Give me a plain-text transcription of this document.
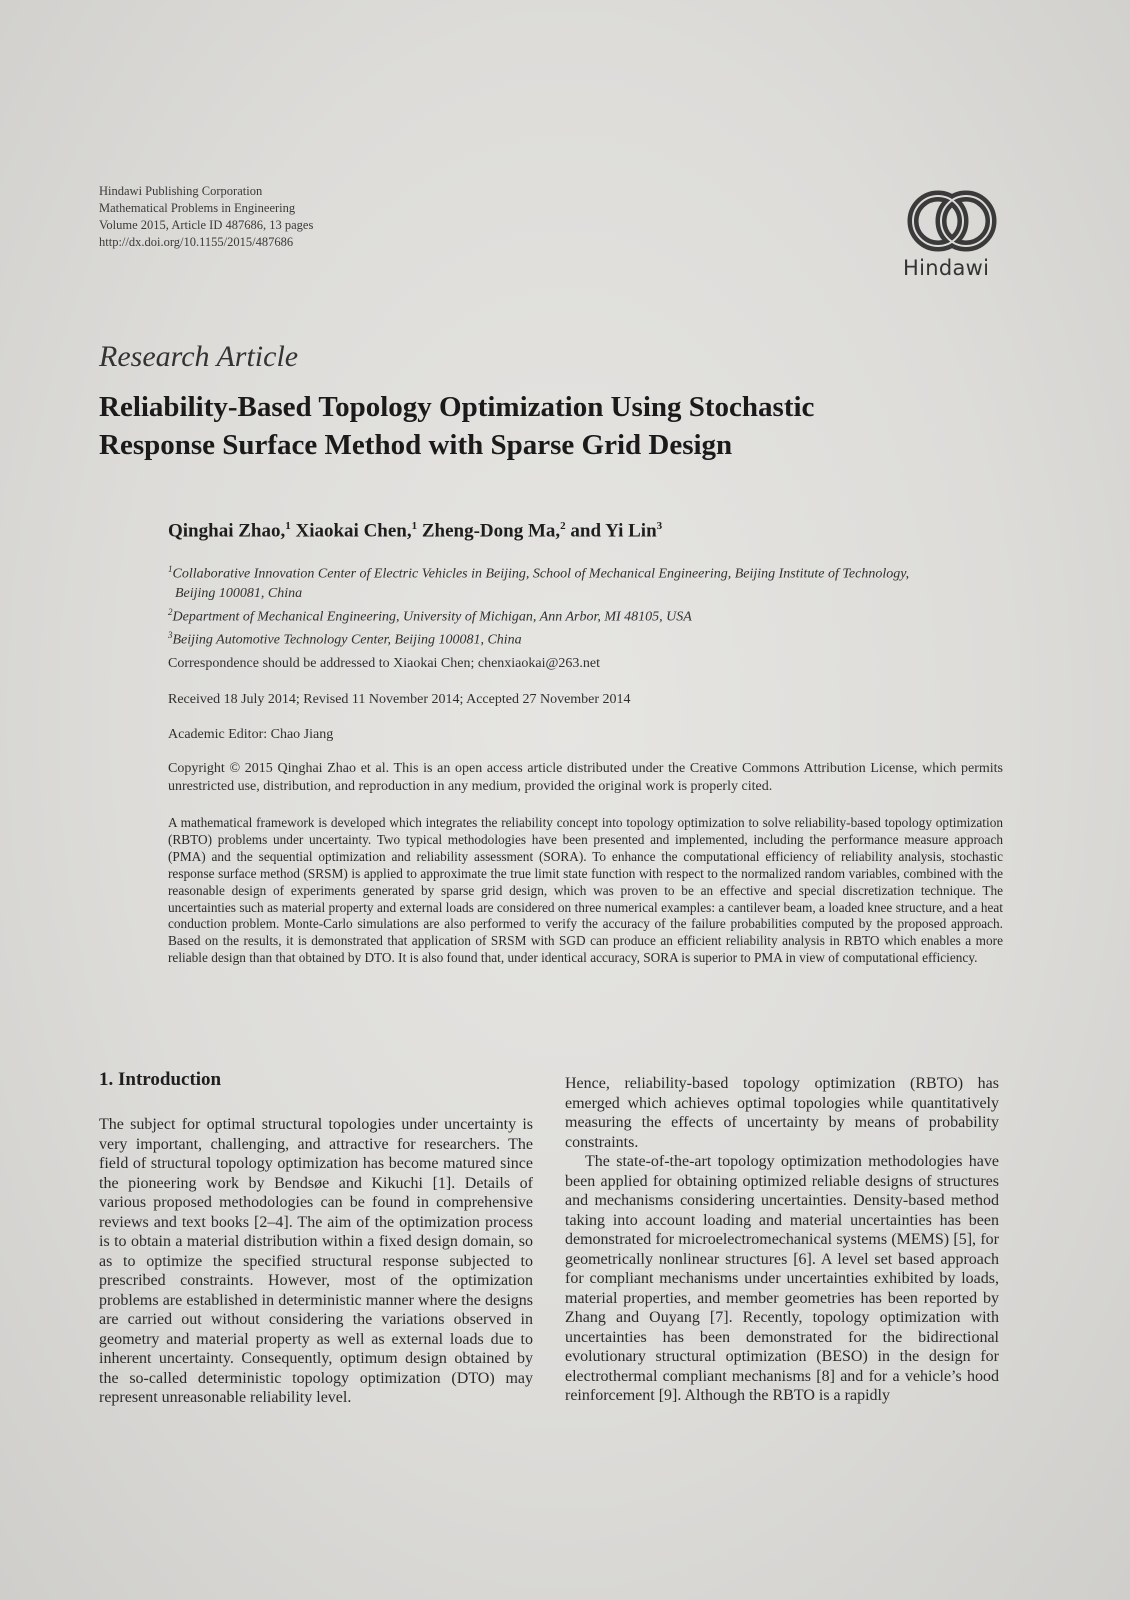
Hindawi Publishing Corporation
Mathematical Problems in Engineering
Volume 2015, Article ID 487686, 13 pages
http://dx.doi.org/10.1155/2015/487686
Hindawi
Research Article
Reliability-Based Topology Optimization Using Stochastic
Response Surface Method with Sparse Grid Design
Qinghai Zhao,$^1$ Xiaokai Chen,$^1$ Zheng-Dong Ma,$^2$ and Yi Lin$^3$
$^1$Collaborative Innovation Center of Electric Vehicles in Beijing, School of Mechanical Engineering, Beijing Institute of Technology,
Beijing 100081, China
$^2$Department of Mechanical Engineering, University of Michigan, Ann Arbor, MI 48105, USA
$^3$Beijing Automotive Technology Center, Beijing 100081, China
Correspondence should be addressed to Xiaokai Chen; chenxiaokai@263.net
Received 18 July 2014; Revised 11 November 2014; Accepted 27 November 2014
Academic Editor: Chao Jiang
Copyright © 2015 Qinghai Zhao et al. This is an open access article distributed under the Creative Commons Attribution License, which permits unrestricted use, distribution, and reproduction in any medium, provided the original work is properly cited.
A mathematical framework is developed which integrates the reliability concept into topology optimization to solve reliability-based topology optimization (RBTO) problems under uncertainty. Two typical methodologies have been presented and implemented, including the performance measure approach (PMA) and the sequential optimization and reliability assessment (SORA). To enhance the computational efficiency of reliability analysis, stochastic response surface method (SRSM) is applied to approximate the true limit state function with respect to the normalized random variables, combined with the reasonable design of experiments generated by sparse grid design, which was proven to be an effective and special discretization technique. The uncertainties such as material property and external loads are considered on three numerical examples: a cantilever beam, a loaded knee structure, and a heat conduction problem. Monte-Carlo simulations are also performed to verify the accuracy of the failure probabilities computed by the proposed approach. Based on the results, it is demonstrated that application of SRSM with SGD can produce an efficient reliability analysis in RBTO which enables a more reliable design than that obtained by DTO. It is also found that, under identical accuracy, SORA is superior to PMA in view of computational efficiency.
1. Introduction

The subject for optimal structural topologies under uncertainty is very important, challenging, and attractive for researchers. The field of structural topology optimization has become matured since the pioneering work by Bendsøe and Kikuchi [1]. Details of various proposed methodologies can be found in comprehensive reviews and text books [2–4]. The aim of the optimization process is to obtain a material distribution within a fixed design domain, so as to optimize the specified structural response subjected to prescribed constraints. However, most of the optimization problems are established in deterministic manner where the designs are carried out without considering the variations observed in geometry and material property as well as external loads due to inherent uncertainty. Consequently, optimum design obtained by the so-called deterministic topology optimization (DTO) may represent unreasonable reliability level.

Hence, reliability-based topology optimization (RBTO) has emerged which achieves optimal topologies while quantitatively measuring the effects of uncertainty by means of probability constraints.

The state-of-the-art topology optimization methodologies have been applied for obtaining optimized reliable designs of structures and mechanisms considering uncertainties. Density-based method taking into account loading and material uncertainties has been demonstrated for microelectromechanical systems (MEMS) [5], for geometrically nonlinear structures [6]. A level set based approach for compliant mechanisms under uncertainties exhibited by loads, material properties, and member geometries has been reported by Zhang and Ouyang [7]. Recently, topology optimization with uncertainties has been demonstrated for the bidirectional evolutionary structural optimization (BESO) in the design for electrothermal compliant mechanisms [8] and for a vehicle’s hood reinforcement [9]. Although the RBTO is a rapidly
